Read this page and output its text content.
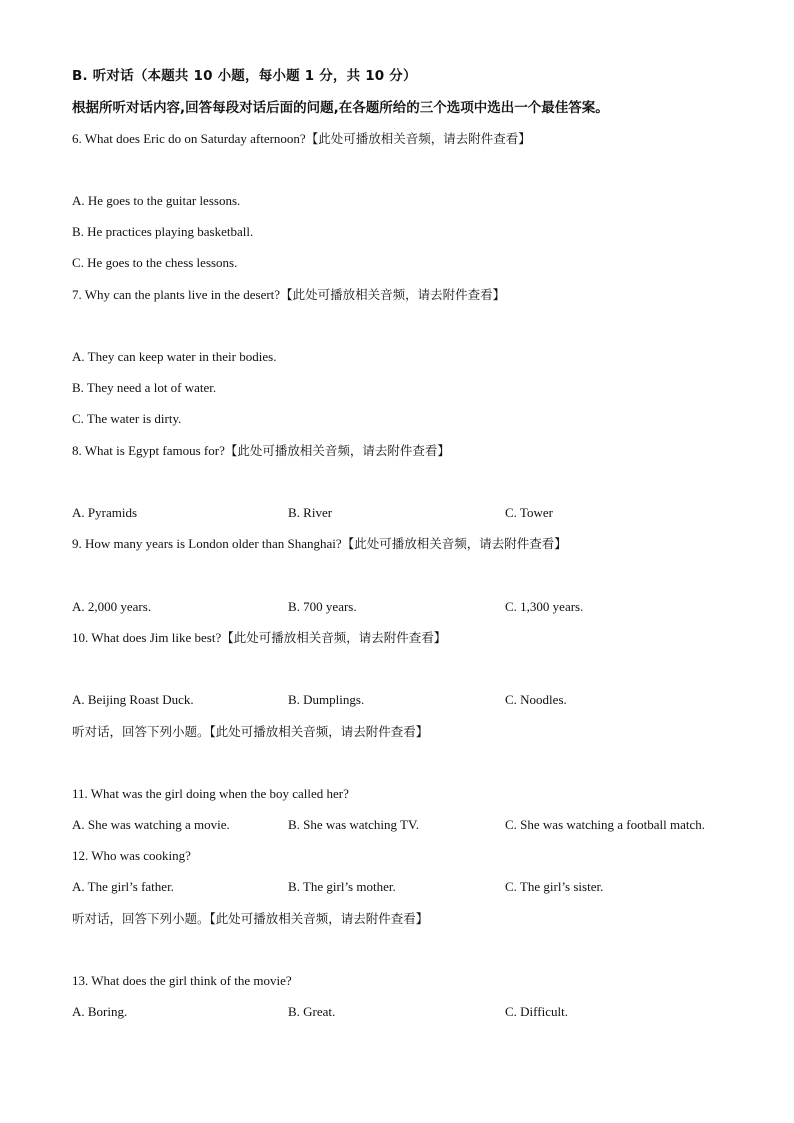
B. 听对话（本题共 10 小题，每小题 1 分，共 10 分）
根据所听对话内容,回答每段对话后面的问题,在各题所给的三个选项中选出一个最佳答案。
6. What does Eric do on Saturday afternoon?【此处可播放相关音频，请去附件查看】
A. He goes to the guitar lessons.
B. He practices playing basketball.
C. He goes to the chess lessons.
7. Why can the plants live in the desert?【此处可播放相关音频，请去附件查看】
A. They can keep water in their bodies.
B. They need a lot of water.
C. The water is dirty.
8. What is Egypt famous for?【此处可播放相关音频，请去附件查看】
A. Pyramids	B. River	C. Tower
9. How many years is London older than Shanghai?【此处可播放相关音频，请去附件查看】
A. 2,000 years.	B. 700 years.	C. 1,300 years.
10. What does Jim like best?【此处可播放相关音频，请去附件查看】
A. Beijing Roast Duck.	B. Dumplings.	C. Noodles.
听对话，回答下列小题。【此处可播放相关音频，请去附件查看】
11. What was the girl doing when the boy called her?
A. She was watching a movie.	B. She was watching TV.	C. She was watching a football match.
12. Who was cooking?
A. The girl’s father.	B. The girl’s mother.	C. The girl’s sister.
听对话，回答下列小题。【此处可播放相关音频，请去附件查看】
13. What does the girl think of the movie?
A. Boring.	B. Great.	C. Difficult.
